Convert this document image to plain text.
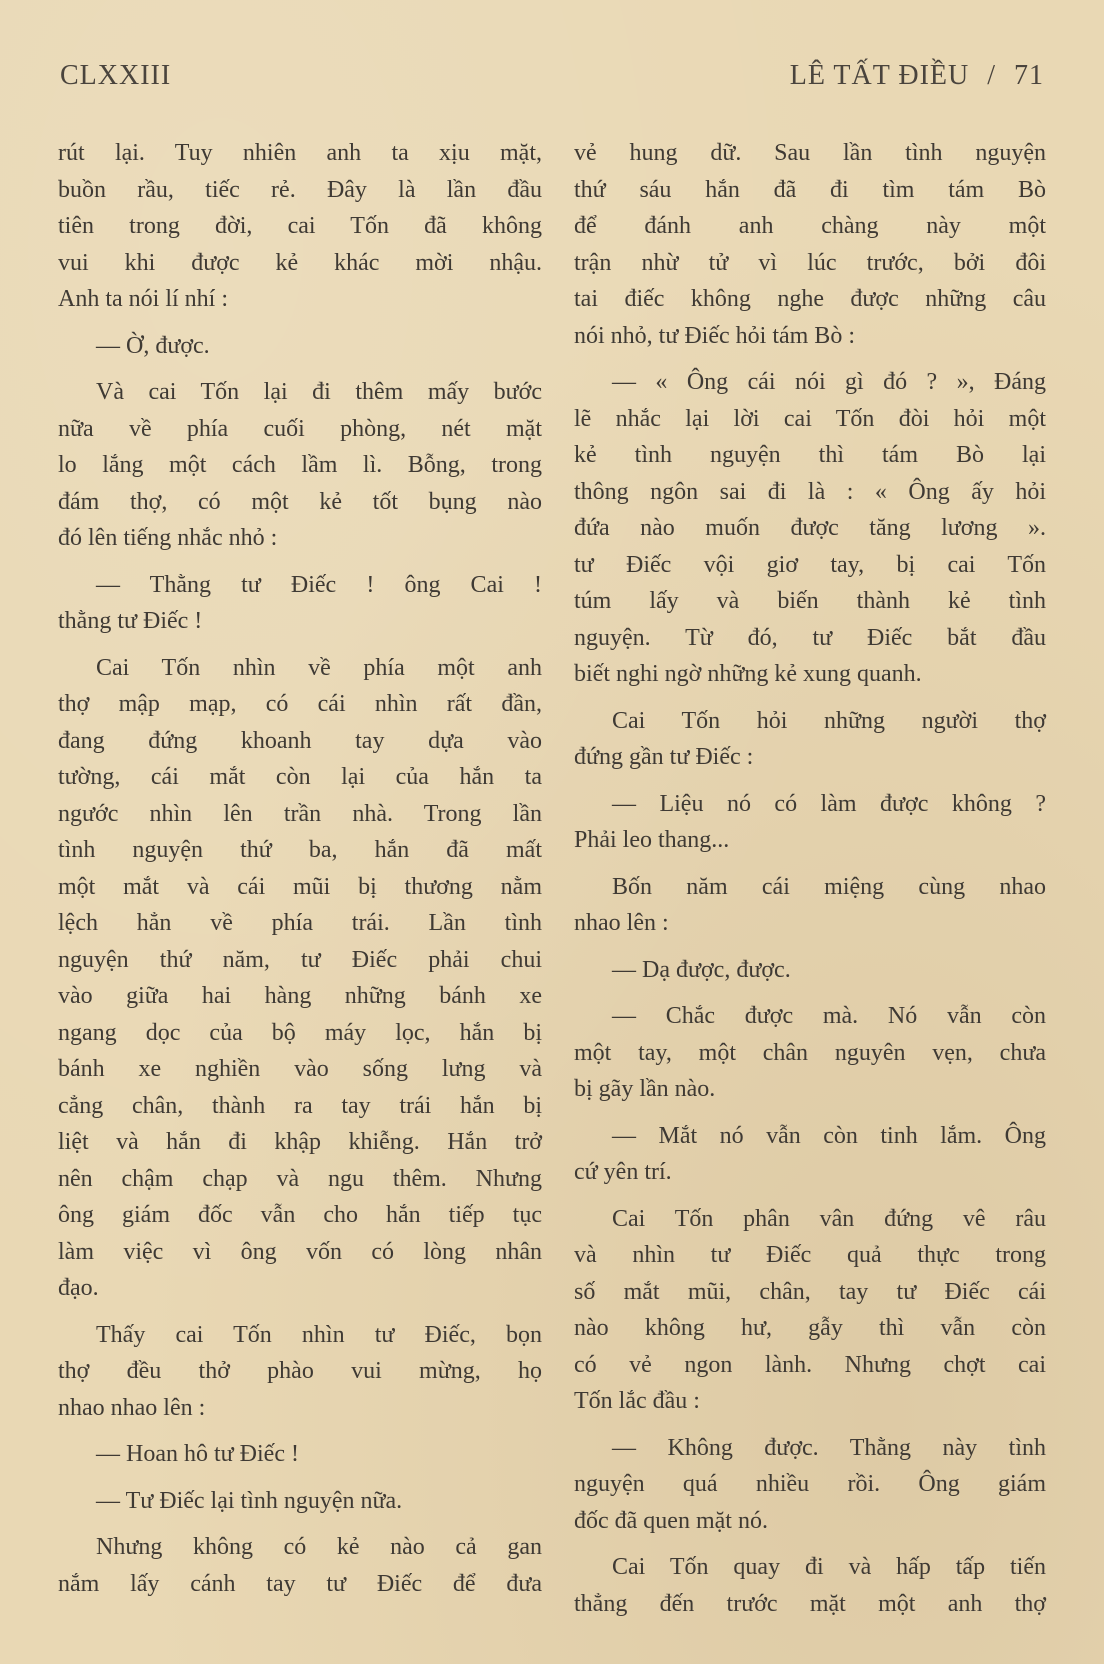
CLXXIII	LÊ TẤT ĐIỀU / 71
rút lại. Tuy nhiên anh ta xịu mặt,
buồn rầu, tiếc rẻ. Đây là lần đầu
tiên trong đời, cai Tốn đã không
vui khi được kẻ khác mời nhậu.
Anh ta nói lí nhí :
— Ờ, được.
Và cai Tốn lại đi thêm mấy bước
nữa về phía cuối phòng, nét mặt
lo lắng một cách lầm lì. Bỗng, trong
đám thợ, có một kẻ tốt bụng nào
đó lên tiếng nhắc nhỏ :
— Thằng tư Điếc ! ông Cai !
thằng tư Điếc !
Cai Tốn nhìn về phía một anh
thợ mập mạp, có cái nhìn rất đần,
đang đứng khoanh tay dựa vào
tường, cái mắt còn lại của hắn ta
ngước nhìn lên trần nhà. Trong lần
tình nguyện thứ ba, hắn đã mất
một mắt và cái mũi bị thương nằm
lệch hẳn về phía trái. Lần tình
nguyện thứ năm, tư Điếc phải chui
vào giữa hai hàng những bánh xe
ngang dọc của bộ máy lọc, hắn bị
bánh xe nghiền vào sống lưng và
cẳng chân, thành ra tay trái hắn bị
liệt và hắn đi khập khiễng. Hắn trở
nên chậm chạp và ngu thêm. Nhưng
ông giám đốc vẫn cho hắn tiếp tục
làm việc vì ông vốn có lòng nhân
đạo.
Thấy cai Tốn nhìn tư Điếc, bọn
thợ đều thở phào vui mừng, họ
nhao nhao lên :
— Hoan hô tư Điếc !
— Tư Điếc lại tình nguyện nữa.
Nhưng không có kẻ nào cả gan
nắm lấy cánh tay tư Điếc để đưa
vẻ hung dữ. Sau lần tình nguyện
thứ sáu hắn đã đi tìm tám Bò
để đánh anh chàng này một
trận nhừ tử vì lúc trước, bởi đôi
tai điếc không nghe được những câu
nói nhỏ, tư Điếc hỏi tám Bò :
— « Ông cái nói gì đó ? », Đáng
lẽ nhắc lại lời cai Tốn đòi hỏi một
kẻ tình nguyện thì tám Bò lại
thông ngôn sai đi là : « Ông ấy hỏi
đứa nào muốn được tăng lương ».
tư Điếc vội giơ tay, bị cai Tốn
túm lấy và biến thành kẻ tình
nguyện. Từ đó, tư Điếc bắt đầu
biết nghi ngờ những kẻ xung quanh.
Cai Tốn hỏi những người thợ
đứng gần tư Điếc :
— Liệu nó có làm được không ?
Phải leo thang...
Bốn năm cái miệng cùng nhao
nhao lên :
— Dạ được, được.
— Chắc được mà. Nó vẫn còn
một tay, một chân nguyên vẹn, chưa
bị gãy lần nào.
— Mắt nó vẫn còn tinh lắm. Ông
cứ yên trí.
Cai Tốn phân vân đứng vê râu
và nhìn tư Điếc quả thực trong
số mắt mũi, chân, tay tư Điếc cái
nào không hư, gẫy thì vẫn còn
có vẻ ngon lành. Nhưng chợt cai
Tốn lắc đầu :
— Không được. Thằng này tình
nguyện quá nhiều rồi. Ông giám
đốc đã quen mặt nó.
Cai Tốn quay đi và hấp tấp tiến
thẳng đến trước mặt một anh thợ
